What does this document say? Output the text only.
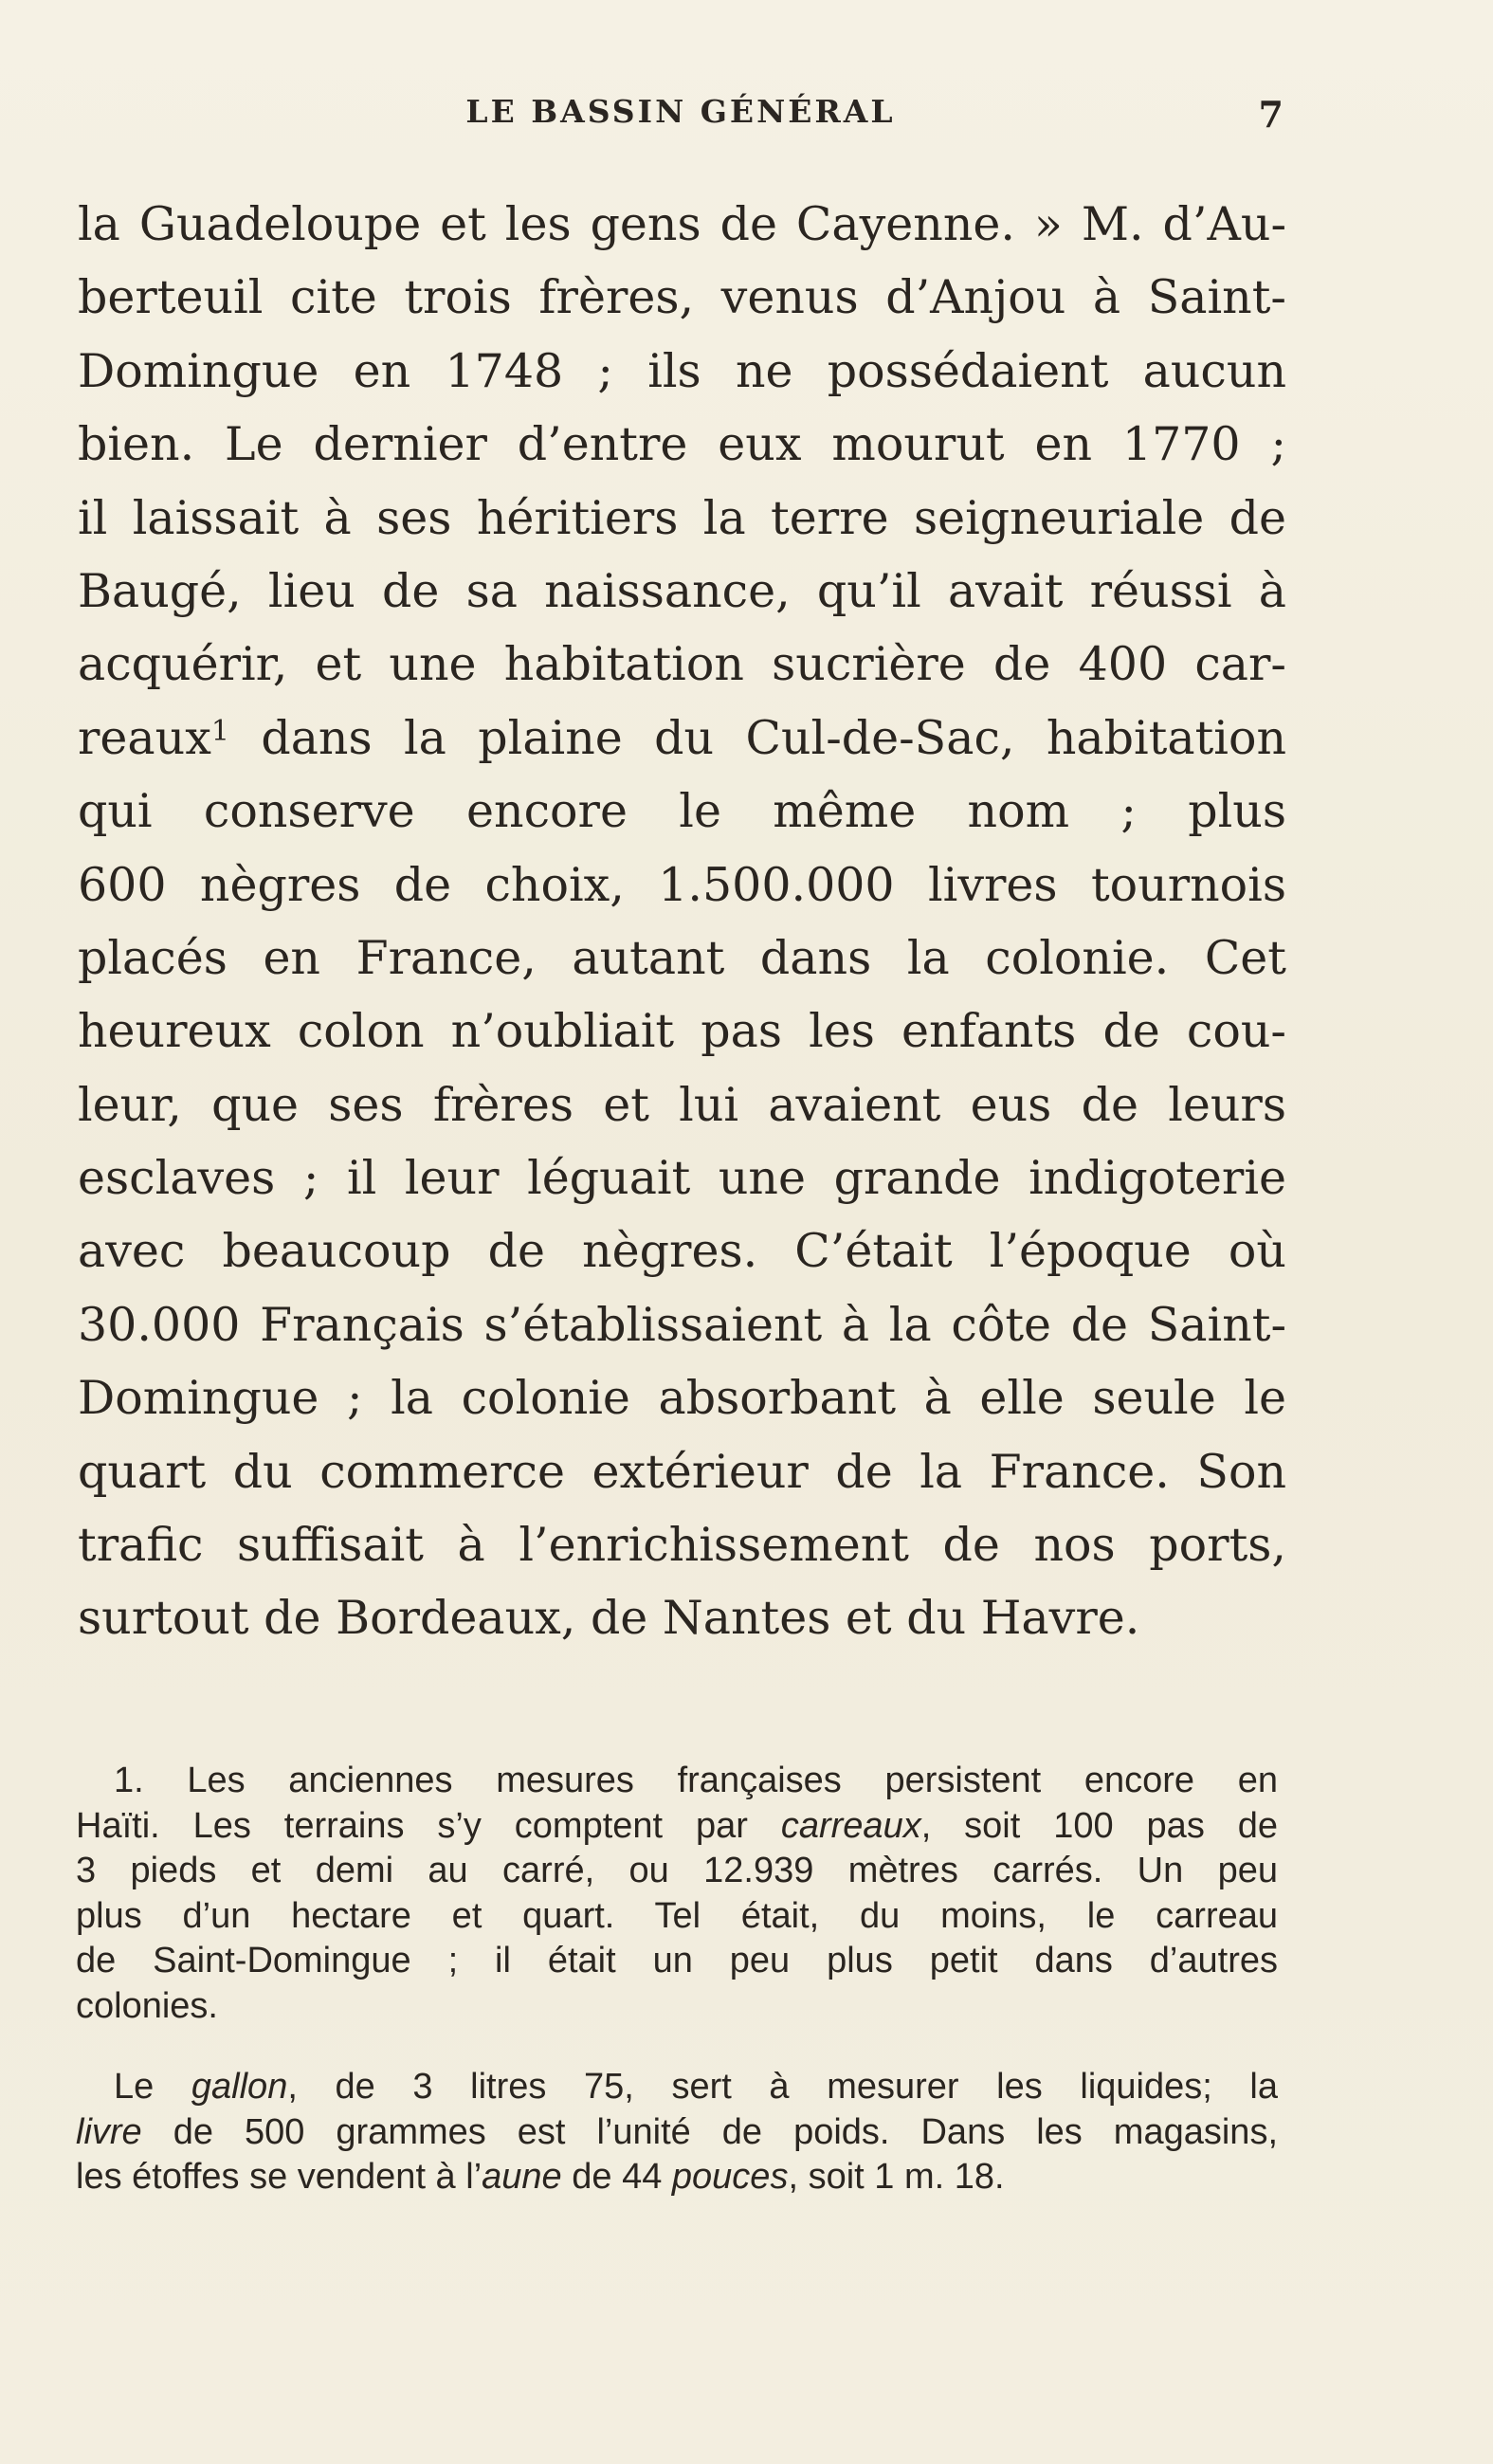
LE BASSIN GÉNÉRAL	7
la Guadeloupe et les gens de Cayenne. » M. d’Au-
berteuil cite trois frères, venus d’Anjou à Saint-
Domingue en 1748 ; ils ne possédaient aucun
bien. Le dernier d’entre eux mourut en 1770 ;
il laissait à ses héritiers la terre seigneuriale de
Baugé, lieu de sa naissance, qu’il avait réussi à
acquérir, et une habitation sucrière de 400 car-
reaux$^1$ dans la plaine du Cul-de-Sac, habitation
qui conserve encore le même nom ; plus
600 nègres de choix, 1.500.000 livres tournois
placés en France, autant dans la colonie. Cet
heureux colon n’oubliait pas les enfants de cou-
leur, que ses frères et lui avaient eus de leurs
esclaves ; il leur léguait une grande indigoterie
avec beaucoup de nègres. C’était l’époque où
30.000 Français s’établissaient à la côte de Saint-
Domingue ; la colonie absorbant à elle seule le
quart du commerce extérieur de la France. Son
trafic suffisait à l’enrichissement de nos ports,
surtout de Bordeaux, de Nantes et du Havre.
1. Les anciennes mesures françaises persistent encore en
Haïti. Les terrains s’y comptent par carreaux, soit 100 pas de
3 pieds et demi au carré, ou 12.939 mètres carrés. Un peu
plus d’un hectare et quart. Tel était, du moins, le carreau
de Saint-Domingue ; il était un peu plus petit dans d’autres
colonies.
Le gallon, de 3 litres 75, sert à mesurer les liquides; la
livre de 500 grammes est l’unité de poids. Dans les magasins,
les étoffes se vendent à l’aune de 44 pouces, soit 1 m. 18.
